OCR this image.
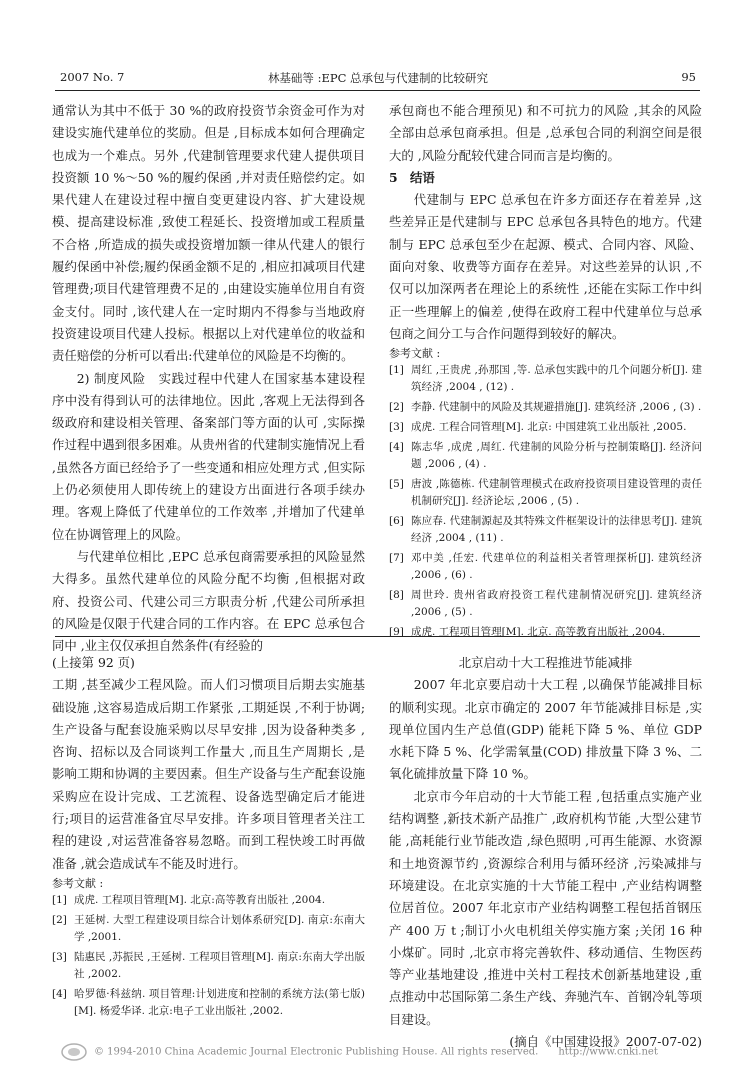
2007 No. 7	林基础等 :EPC 总承包与代建制的比较研究	95

通常认为其中不低于 30 %的政府投资节余资金可作为对建设实施代建单位的奖励。但是 ,目标成本如何合理确定也成为一个难点。另外 ,代建制管理要求代建人提供项目投资额 10 %～50 %的履约保函 ,并对责任赔偿约定。如果代建人在建设过程中擅自变更建设内容、扩大建设规模、提高建设标准 ,致使工程延长、投资增加或工程质量不合格 ,所造成的损失或投资增加额一律从代建人的银行履约保函中补偿;履约保函金额不足的 ,相应扣减项目代建管理费;项目代建管理费不足的 ,由建设实施单位用自有资金支付。同时 ,该代建人在一定时期内不得参与当地政府投资建设项目代建人投标。根据以上对代建单位的收益和责任赔偿的分析可以看出:代建单位的风险是不均衡的。

2) 制度风险　实践过程中代建人在国家基本建设程序中没有得到认可的法律地位。因此 ,客观上无法得到各级政府和建设相关管理、备案部门等方面的认可 ,实际操作过程中遇到很多困难。从贵州省的代建制实施情况上看 ,虽然各方面已经给予了一些变通和相应处理方式 ,但实际上仍必须使用人即传统上的建设方出面进行各项手续办理。客观上降低了代建单位的工作效率 ,并增加了代建单位在协调管理上的风险。

与代建单位相比 ,EPC 总承包商需要承担的风险显然大得多。虽然代建单位的风险分配不均衡 ,但根据对政府、投资公司、代建公司三方职责分析 ,代建公司所承担的风险是仅限于代建合同的工作内容。在 EPC 总承包合同中 ,业主仅仅承担自然条件(有经验的

承包商也不能合理预见) 和不可抗力的风险 ,其余的风险全部由总承包商承担。但是 ,总承包合同的利润空间是很大的 ,风险分配较代建合同而言是均衡的。

5　结语

代建制与 EPC 总承包在许多方面还存在着差异 ,这些差异正是代建制与 EPC 总承包各具特色的地方。代建制与 EPC 总承包至少在起源、模式、合同内容、风险、面向对象、收费等方面存在差异。对这些差异的认识 ,不仅可以加深两者在理论上的系统性 ,还能在实际工作中纠正一些理解上的偏差 ,使得在政府工程中代建单位与总承包商之间分工与合作问题得到较好的解决。

参考文献 :

[1] 周红 ,王贵虎 ,孙那国 ,等. 总承包实践中的几个问题分析[J]. 建筑经济 ,2004 , (12) .
[2] 李静. 代建制中的风险及其规避措施[J]. 建筑经济 ,2006 , (3) .
[3] 成虎. 工程合同管理[M]. 北京: 中国建筑工业出版社 ,2005.
[4] 陈志华 ,成虎 ,周红. 代建制的风险分析与控制策略[J]. 经济问题 ,2006 , (4) .
[5] 唐波 ,陈德栋. 代建制管理模式在政府投资项目建设管理的责任机制研究[J]. 经济论坛 ,2006 , (5) .
[6] 陈应春. 代建制源起及其特殊文件框架设计的法律思考[J]. 建筑经济 ,2004 , (11) .
[7] 邓中美 ,任宏. 代建单位的利益相关者管理探析[J]. 建筑经济 ,2006 , (6) .
[8] 周世玲. 贵州省政府投资工程代建制情况研究[J]. 建筑经济 ,2006 , (5) .
[9] 成虎. 工程项目管理[M]. 北京. 高等教育出版社 ,2004.

(上接第 92 页)

工期 ,甚至减少工程风险。而人们习惯项目后期去实施基础设施 ,这容易造成后期工作紧张 ,工期延误 ,不利于协调;生产设备与配套设施采购以尽早安排 ,因为设备种类多 ,咨询、招标以及合同谈判工作量大 ,而且生产周期长 ,是影响工期和协调的主要因素。但生产设备与生产配套设施采购应在设计完成、工艺流程、设备选型确定后才能进行;项目的运营准备宜尽早安排。许多项目管理者关注工程的建设 ,对运营准备容易忽略。而到工程快竣工时再做准备 ,就会造成试车不能及时进行。

参考文献 :

[1] 成虎. 工程项目管理[M]. 北京:高等教育出版社 ,2004.
[2] 王延树. 大型工程建设项目综合计划体系研究[D]. 南京:东南大学 ,2001.
[3] 陆惠民 ,苏振民 ,王延树. 工程项目管理[M]. 南京:东南大学出版社 ,2002.
[4] 哈罗德·科兹纳. 项目管理:计划进度和控制的系统方法(第七版) [M]. 杨爱华译. 北京:电子工业出版社 ,2002.

北京启动十大工程推进节能减排

2007 年北京要启动十大工程 ,以确保节能减排目标的顺利实现。北京市确定的 2007 年节能减排目标是 ,实现单位国内生产总值(GDP) 能耗下降 5 %、单位 GDP 水耗下降 5 %、化学需氧量(COD) 排放量下降 3 %、二氧化硫排放量下降 10 %。

北京市今年启动的十大节能工程 ,包括重点实施产业结构调整 ,新技术新产品推广 ,政府机构节能 ,大型公建节能 ,高耗能行业节能改造 ,绿色照明 ,可再生能源、水资源和土地资源节约 ,资源综合利用与循环经济 ,污染减排与环境建设。在北京实施的十大节能工程中 ,产业结构调整位居首位。2007 年北京市产业结构调整工程包括首钢压产 400 万 t ;制订小火电机组关停实施方案 ;关闭 16 种小煤矿。同时 ,北京市将完善软件、移动通信、生物医药等产业基地建设 ,推进中关村工程技术创新基地建设 ,重点推动中芯国际第二条生产线、奔驰汽车、首钢冷轧等项目建设。

(摘自《中国建设报》2007-07-02)

© 1994-2010 China Academic Journal Electronic Publishing House. All rights reserved.　　http://www.cnki.net
